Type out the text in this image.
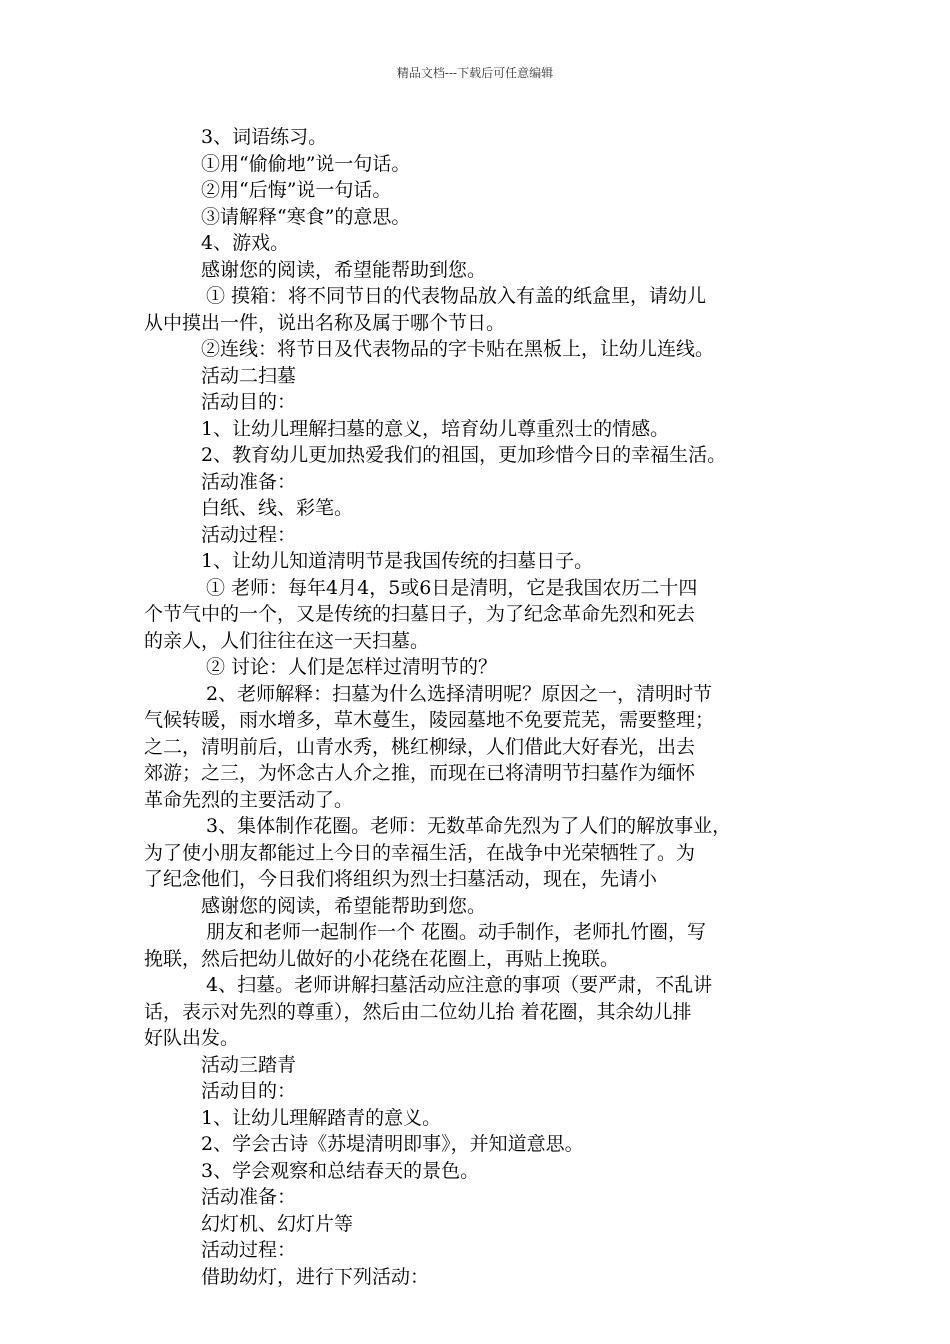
精品文档---下载后可任意编辑
3、词语练习。
①用“偷偷地”说一句话。
②用“后悔”说一句话。
③请解释“寒食”的意思。
4、游戏。
感谢您的阅读，希望能帮助到您。
① 摸箱：将不同节日的代表物品放入有盖的纸盒里，请幼儿
从中摸出一件，说出名称及属于哪个节日。
②连线：将节日及代表物品的字卡贴在黑板上，让幼儿连线。
活动二扫墓
活动目的：
1、让幼儿理解扫墓的意义，培育幼儿尊重烈士的情感。
2、教育幼儿更加热爱我们的祖国，更加珍惜今日的幸福生活。
活动准备：
白纸、线、彩笔。
活动过程：
1、让幼儿知道清明节是我国传统的扫墓日子。
① 老师：每年4月4，5或6日是清明，它是我国农历二十四
个节气中的一个，又是传统的扫墓日子，为了纪念革命先烈和死去
的亲人，人们往往在这一天扫墓。
② 讨论：人们是怎样过清明节的？
2、老师解释：扫墓为什么选择清明呢？原因之一，清明时节
气候转暖，雨水增多，草木蔓生，陵园墓地不免要荒芜，需要整理；
之二，清明前后，山青水秀，桃红柳绿，人们借此大好春光，出去
郊游；之三，为怀念古人介之推，而现在已将清明节扫墓作为缅怀
革命先烈的主要活动了。
3、集体制作花圈。老师：无数革命先烈为了人们的解放事业，
为了使小朋友都能过上今日的幸福生活，在战争中光荣牺牲了。为
了纪念他们，今日我们将组织为烈士扫墓活动，现在，先请小
感谢您的阅读，希望能帮助到您。
朋友和老师一起制作一个 花圈。动手制作，老师扎竹圈，写
挽联，然后把幼儿做好的小花绕在花圈上，再贴上挽联。
4、扫墓。老师讲解扫墓活动应注意的事项（要严肃，不乱讲
话，表示对先烈的尊重），然后由二位幼儿抬 着花圈，其余幼儿排
好队出发。
活动三踏青
活动目的：
1、让幼儿理解踏青的意义。
2、学会古诗《苏堤清明即事》，并知道意思。
3、学会观察和总结春天的景色。
活动准备：
幻灯机、幻灯片等
活动过程：
借助幼灯，进行下列活动：
